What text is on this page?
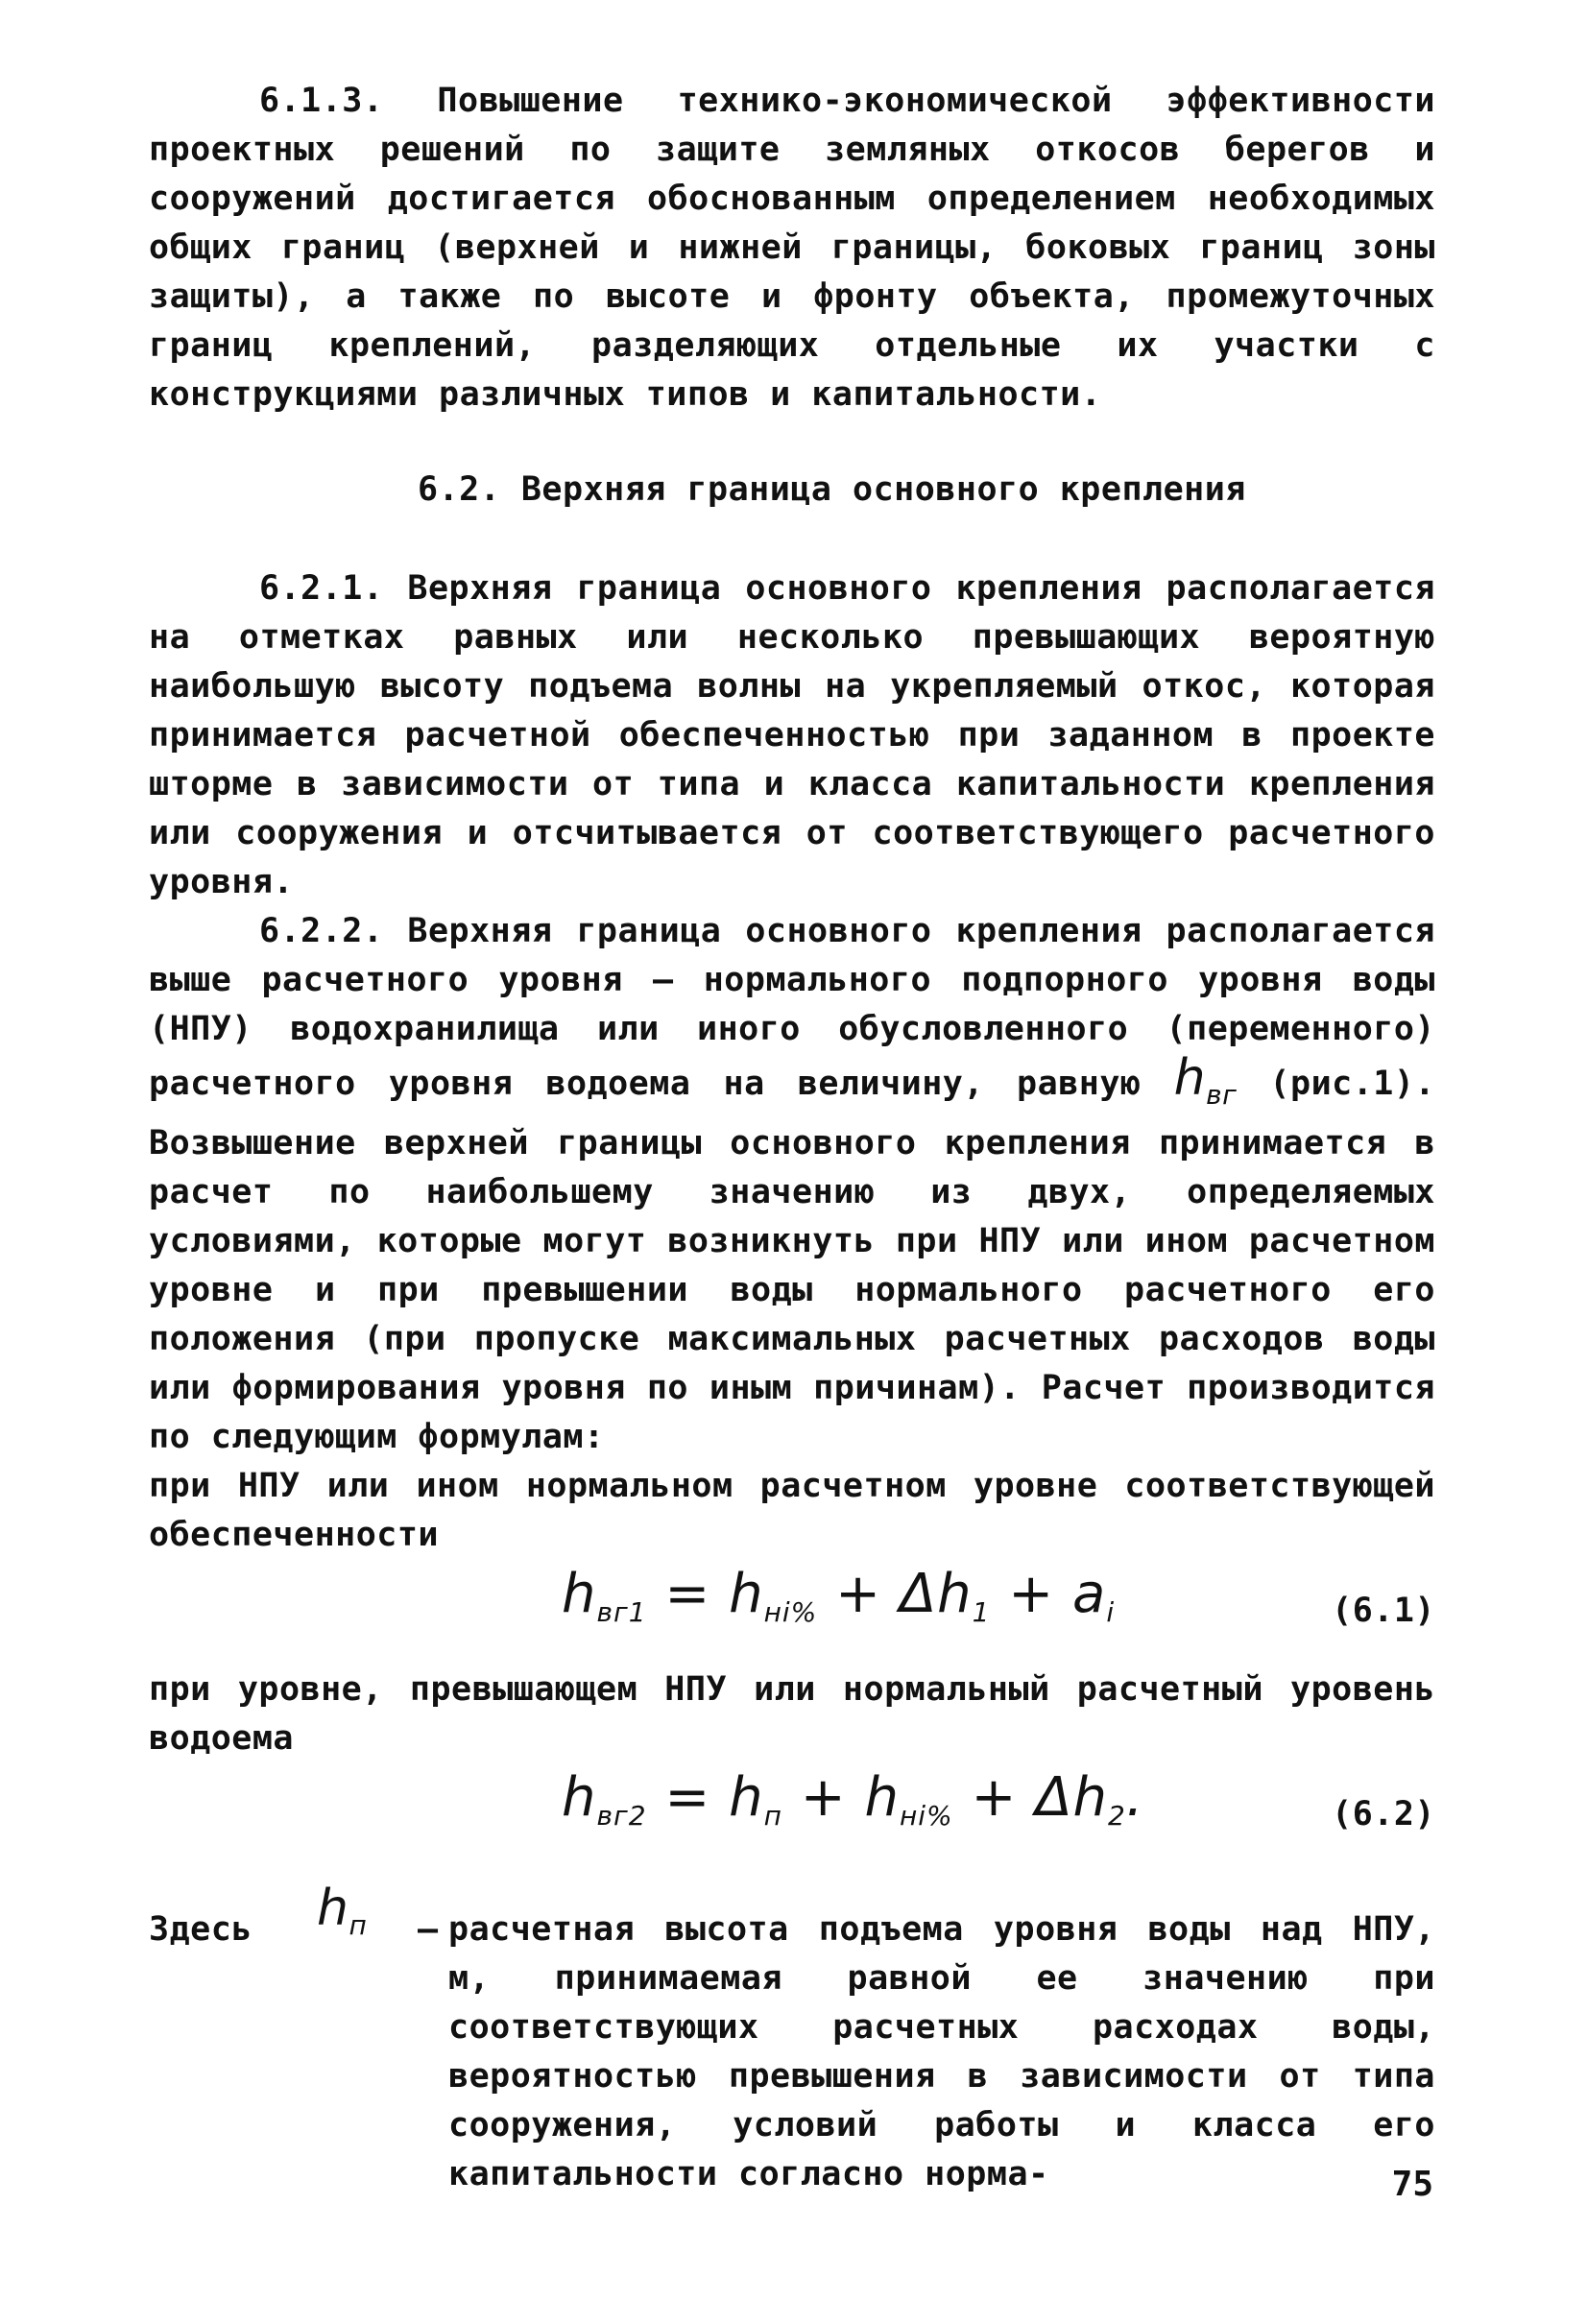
6.1.3. Повышение технико-экономической эффективности проектных решений по защите земляных откосов берегов и сооружений достигается обоснованным определением необходимых общих границ (верхней и нижней границы, боковых границ зоны защиты), а также по высоте и фронту объекта, промежуточных границ креплений, разделяющих отдельные их участки с конструкциями различных типов и капитальности.

6.2. Верхняя граница основного крепления

6.2.1. Верхняя граница основного крепления располагается на отметках равных или несколько превышающих вероятную наибольшую высоту подъема волны на укрепляемый откос, которая принимается расчетной обеспеченностью при заданном в проекте шторме в зависимости от типа и класса капитальности крепления или сооружения и отсчитывается от соответствующего расчетного уровня.

6.2.2. Верхняя граница основного крепления располагается выше расчетного уровня – нормального подпорного уровня воды (НПУ) водохранилища или иного обусловленного (переменного) расчетного уровня водоема на величину, равную $h_{вг}$ (рис.1). Возвышение верхней границы основного крепления принимается в расчет по наибольшему значению из двух, определяемых условиями, которые могут возникнуть при НПУ или ином расчетном уровне и при превышении воды нормального расчетного его положения (при пропуске максимальных расчетных расходов воды или формирования уровня по иным причинам). Расчет производится по следующим формулам:

при НПУ или ином нормальном расчетном уровне соответствующей обеспеченности

$h_{вг1} = h_{нi\%} + \Delta h_1 + a_i$	(6.1)

при уровне, превышающем НПУ или нормальный расчетный уровень водоема

$h_{вг2} = h_п + h_{нi\%} + \Delta h_2$.	(6.2)
Здесь $h_п$ – расчетная высота подъема уровня воды над НПУ, м, принимаемая равной ее значению при соответствующих расчетных расходах воды, вероятностью превышения в зависимости от типа сооружения, условий работы и класса его капитальности согласно норма-	75
